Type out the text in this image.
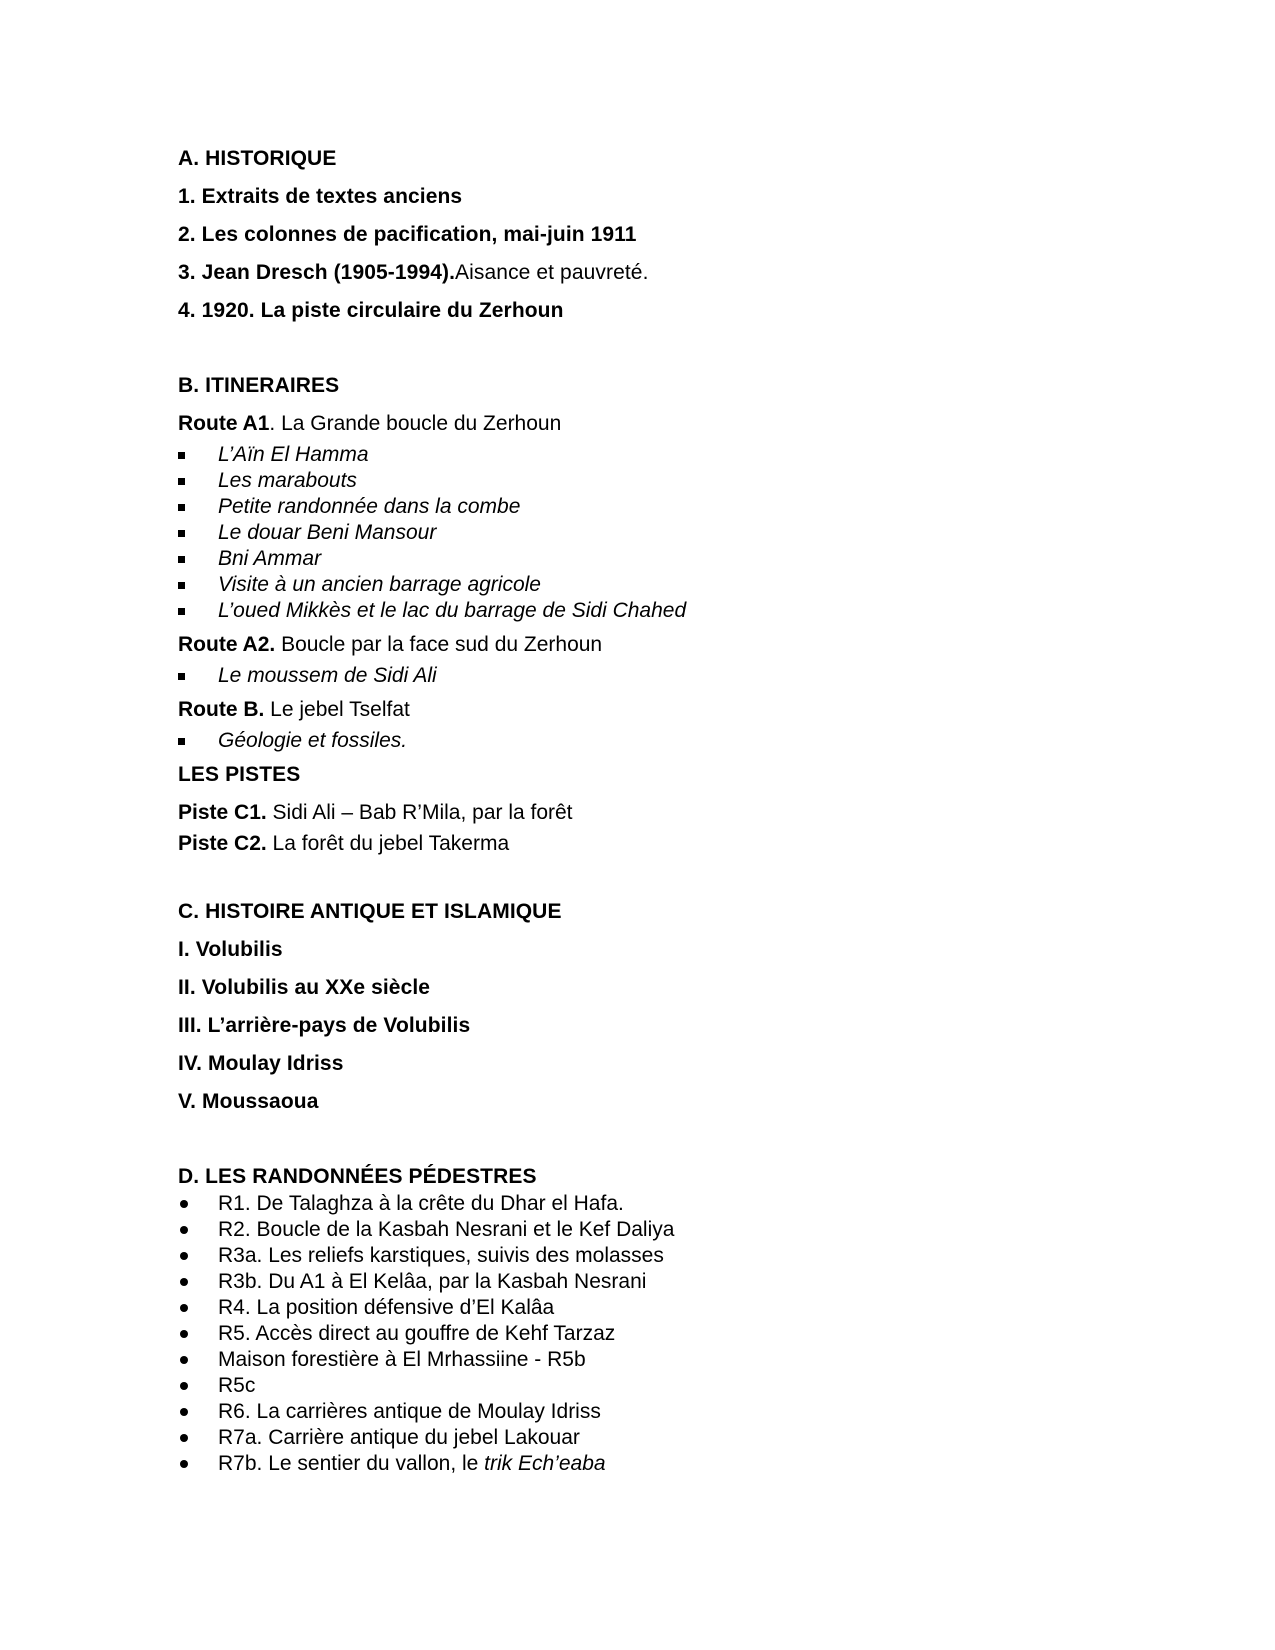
A. HISTORIQUE
1. Extraits de textes anciens
2. Les colonnes de pacification, mai-juin 1911
3. Jean Dresch (1905-1994).Aisance et pauvreté.
4. 1920. La piste circulaire du Zerhoun
B. ITINERAIRES
Route A1. La Grande boucle du Zerhoun
L’Aïn El Hamma
Les marabouts
Petite randonnée dans la combe
Le douar Beni Mansour
Bni Ammar
Visite à un ancien barrage agricole
L’oued Mikkès et le lac du barrage de Sidi Chahed
Route A2. Boucle par la face sud du Zerhoun
Le moussem de Sidi Ali
Route B. Le jebel Tselfat
Géologie et fossiles.
LES PISTES
Piste C1. Sidi Ali – Bab R’Mila, par la forêt
Piste C2. La forêt du jebel Takerma
C. HISTOIRE ANTIQUE ET ISLAMIQUE
I. Volubilis
II. Volubilis au XXe siècle
III. L’arrière-pays de Volubilis
IV. Moulay Idriss
V. Moussaoua
D. LES RANDONNÉES PÉDESTRES
R1. De Talaghza à la crête du Dhar el Hafa.
R2. Boucle de la Kasbah Nesrani et le Kef Daliya
R3a. Les reliefs karstiques, suivis des molasses
R3b. Du A1 à El Kelâa, par la Kasbah Nesrani
R4. La position défensive d’El Kalâa
R5. Accès direct au gouffre de Kehf Tarzaz
Maison forestière à El Mrhassiine - R5b
R5c
R6. La carrières antique de Moulay Idriss
R7a. Carrière antique du jebel Lakouar
R7b. Le sentier du vallon, le trik Ech’eaba
